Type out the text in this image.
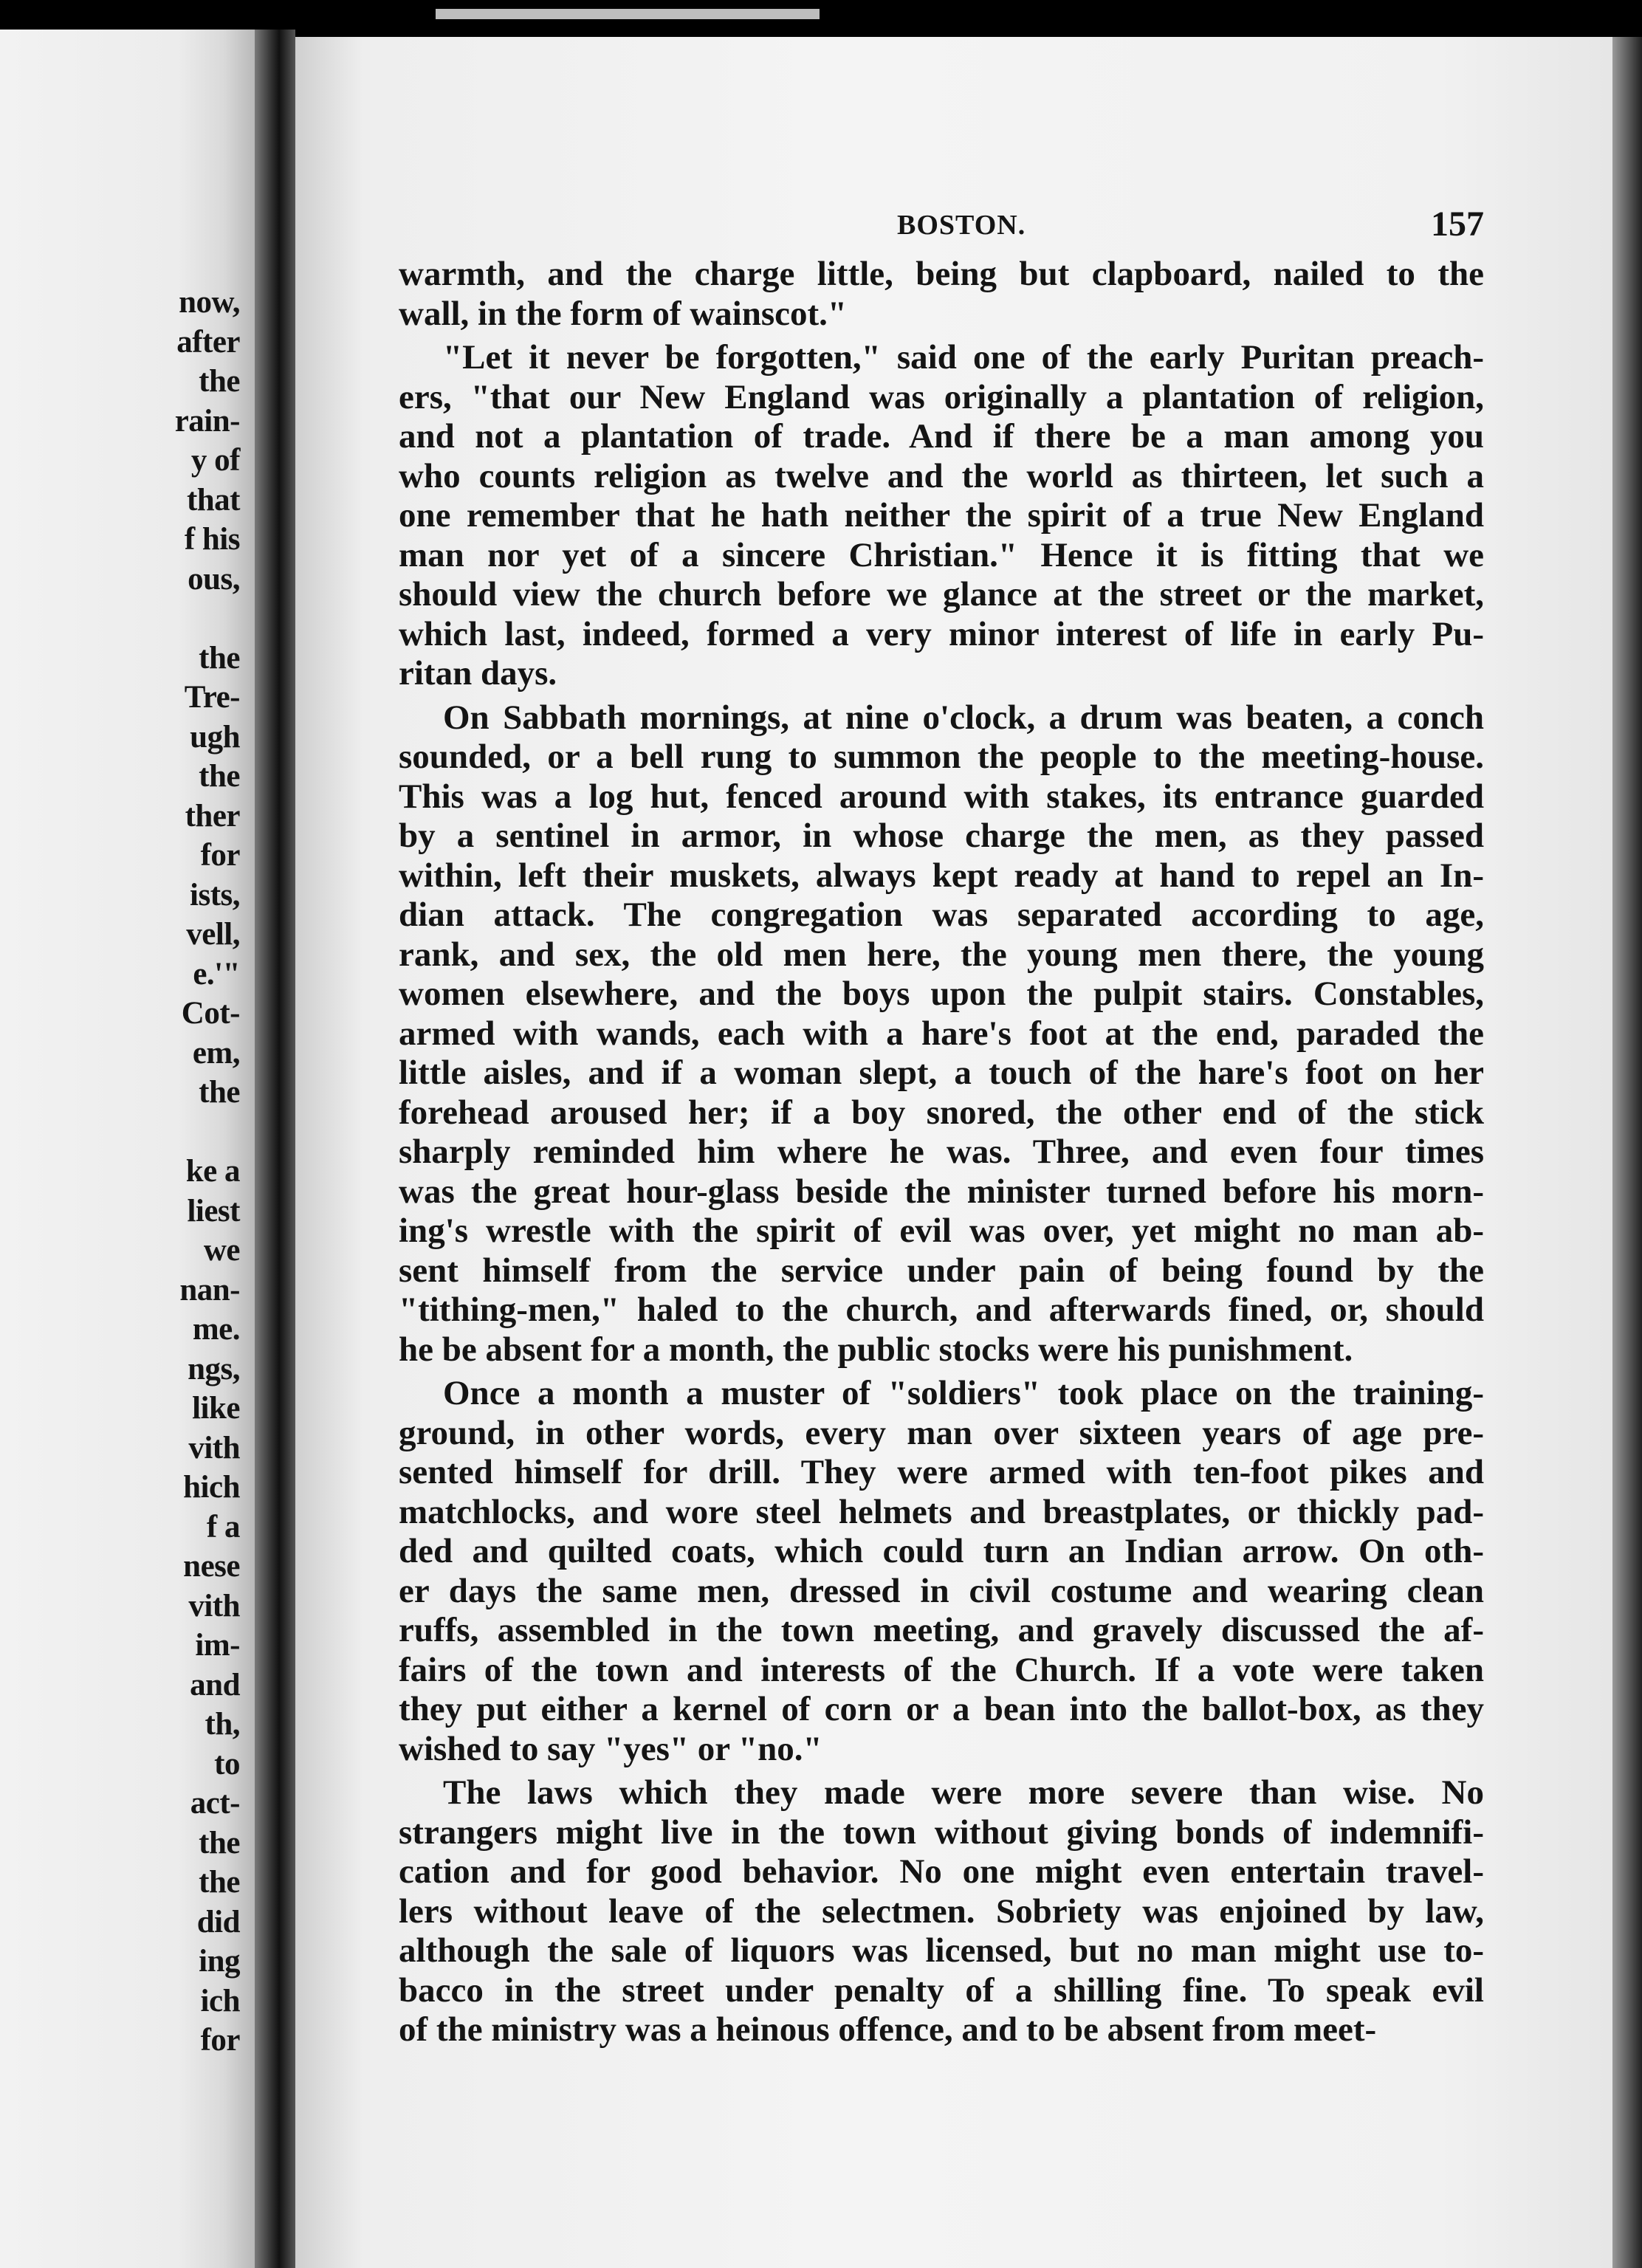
now,
after
the
rain-
y of
that
f his
ous,
the
Tre-
ugh
the
ther
for
ists,
vell,
e.'"
Cot-
em,
the
ke a
liest
we
nan-
me.
ngs,
like
vith
hich
f a
nese
vith
im-
and
th,
to
act-
the
the
did
ing
ich
for
BOSTON.	157
warmth, and the charge little, being but clapboard, nailed to the
wall, in the form of wainscot."
"Let it never be forgotten," said one of the early Puritan preach-
ers, "that our New England was originally a plantation of religion,
and not a plantation of trade. And if there be a man among you
who counts religion as twelve and the world as thirteen, let such a
one remember that he hath neither the spirit of a true New England
man nor yet of a sincere Christian." Hence it is fitting that we
should view the church before we glance at the street or the market,
which last, indeed, formed a very minor interest of life in early Pu-
ritan days.
On Sabbath mornings, at nine o'clock, a drum was beaten, a conch
sounded, or a bell rung to summon the people to the meeting-house.
This was a log hut, fenced around with stakes, its entrance guarded
by a sentinel in armor, in whose charge the men, as they passed
within, left their muskets, always kept ready at hand to repel an In-
dian attack. The congregation was separated according to age,
rank, and sex, the old men here, the young men there, the young
women elsewhere, and the boys upon the pulpit stairs. Constables,
armed with wands, each with a hare's foot at the end, paraded the
little aisles, and if a woman slept, a touch of the hare's foot on her
forehead aroused her; if a boy snored, the other end of the stick
sharply reminded him where he was. Three, and even four times
was the great hour-glass beside the minister turned before his morn-
ing's wrestle with the spirit of evil was over, yet might no man ab-
sent himself from the service under pain of being found by the
"tithing-men," haled to the church, and afterwards fined, or, should
he be absent for a month, the public stocks were his punishment.
Once a month a muster of "soldiers" took place on the training-
ground, in other words, every man over sixteen years of age pre-
sented himself for drill. They were armed with ten-foot pikes and
matchlocks, and wore steel helmets and breastplates, or thickly pad-
ded and quilted coats, which could turn an Indian arrow. On oth-
er days the same men, dressed in civil costume and wearing clean
ruffs, assembled in the town meeting, and gravely discussed the af-
fairs of the town and interests of the Church. If a vote were taken
they put either a kernel of corn or a bean into the ballot-box, as they
wished to say "yes" or "no."
The laws which they made were more severe than wise. No
strangers might live in the town without giving bonds of indemnifi-
cation and for good behavior. No one might even entertain travel-
lers without leave of the selectmen. Sobriety was enjoined by law,
although the sale of liquors was licensed, but no man might use to-
bacco in the street under penalty of a shilling fine. To speak evil
of the ministry was a heinous offence, and to be absent from meet-
